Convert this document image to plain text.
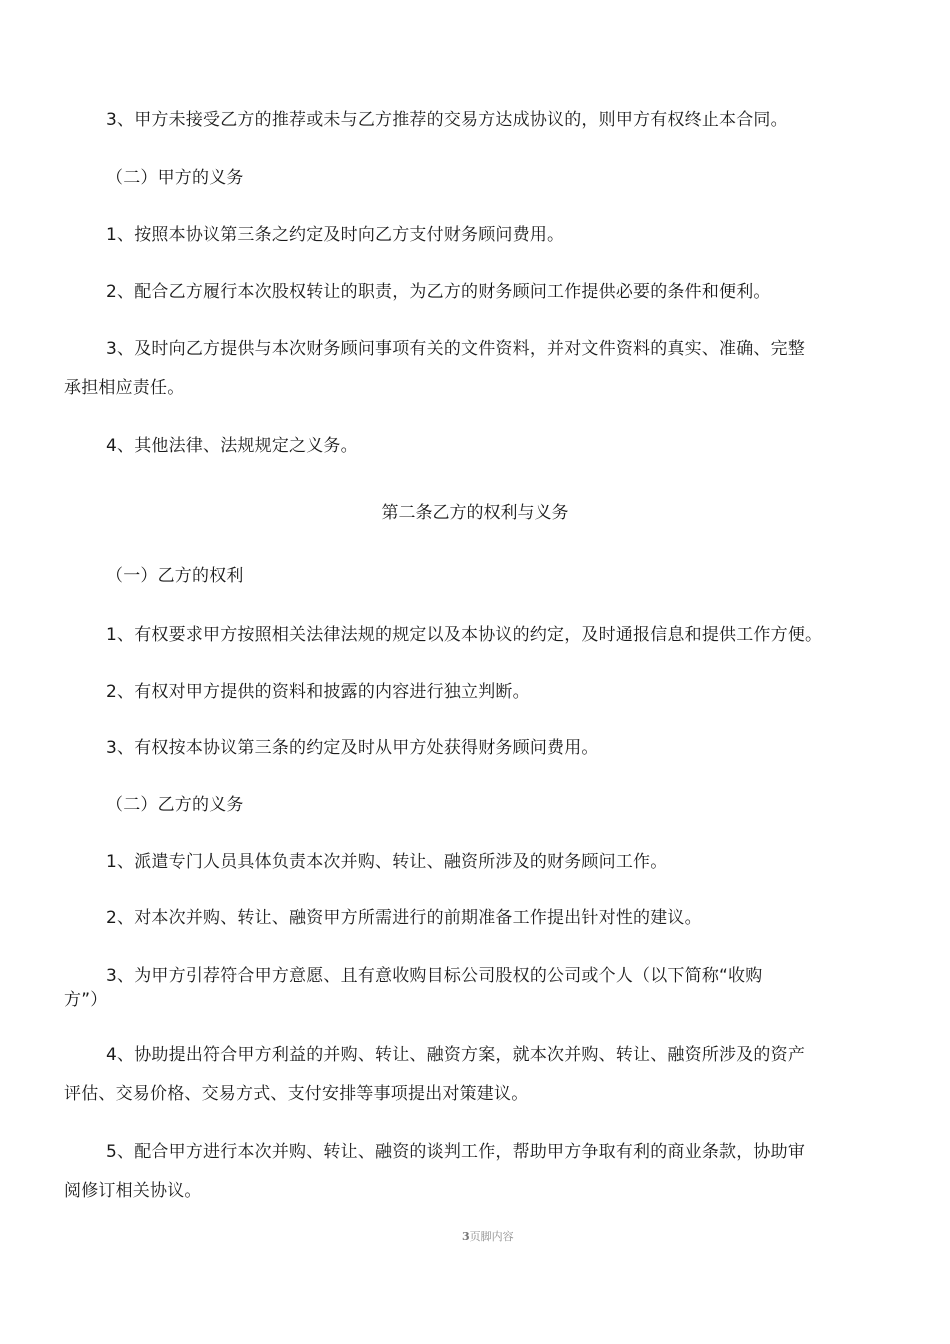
3、甲方未接受乙方的推荐或未与乙方推荐的交易方达成协议的，则甲方有权终止本合同。
（二）甲方的义务
1、按照本协议第三条之约定及时向乙方支付财务顾问费用。
2、配合乙方履行本次股权转让的职责，为乙方的财务顾问工作提供必要的条件和便利。
3、及时向乙方提供与本次财务顾问事项有关的文件资料，并对文件资料的真实、准确、完整
承担相应责任。
4、其他法律、法规规定之义务。
第二条乙方的权利与义务
（一）乙方的权利
1、有权要求甲方按照相关法律法规的规定以及本协议的约定，及时通报信息和提供工作方便。
2、有权对甲方提供的资料和披露的内容进行独立判断。
3、有权按本协议第三条的约定及时从甲方处获得财务顾问费用。
（二）乙方的义务
1、派遣专门人员具体负责本次并购、转让、融资所涉及的财务顾问工作。
2、对本次并购、转让、融资甲方所需进行的前期准备工作提出针对性的建议。
3、为甲方引荐符合甲方意愿、且有意收购目标公司股权的公司或个人（以下简称“收购
方”）
4、协助提出符合甲方利益的并购、转让、融资方案，就本次并购、转让、融资所涉及的资产
评估、交易价格、交易方式、支付安排等事项提出对策建议。
5、配合甲方进行本次并购、转让、融资的谈判工作，帮助甲方争取有利的商业条款，协助审
阅修订相关协议。
3页脚内容
